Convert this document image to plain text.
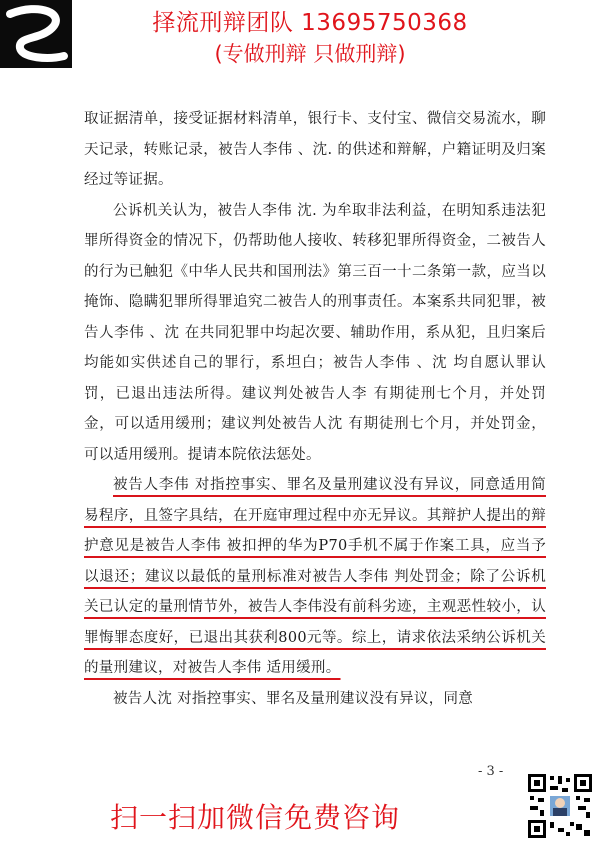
择流刑辩团队 13695750368
(专做刑辩 只做刑辩)

取证据清单，接受证据材料清单，银行卡、支付宝、微信交易流水，聊天记录，转账记录，被告人李伟 、沈. 的供述和辩解，户籍证明及归案经过等证据。

公诉机关认为，被告人李伟 沈. 为牟取非法利益，在明知系违法犯罪所得资金的情况下，仍帮助他人接收、转移犯罪所得资金，二被告人的行为已触犯《中华人民共和国刑法》第三百一十二条第一款，应当以掩饰、隐瞒犯罪所得罪追究二被告人的刑事责任。本案系共同犯罪，被告人李伟 、沈 在共同犯罪中均起次要、辅助作用，系从犯，且归案后均能如实供述自己的罪行，系坦白；被告人李伟 、沈 均自愿认罪认罚，已退出违法所得。建议判处被告人李 有期徒刑七个月，并处罚金，可以适用缓刑；建议判处被告人沈 有期徒刑七个月，并处罚金，可以适用缓刑。提请本院依法惩处。

被告人李伟 对指控事实、罪名及量刑建议没有异议，同意适用简易程序，且签字具结，在开庭审理过程中亦无异议。其辩护人提出的辩护意见是被告人李伟 被扣押的华为P70手机不属于作案工具，应当予以退还；建议以最低的量刑标准对被告人李伟 判处罚金；除了公诉机关已认定的量刑情节外，被告人李伟没有前科劣迹，主观恶性较小，认罪悔罪态度好，已退出其获利800元等。综上，请求依法采纳公诉机关的量刑建议，对被告人李伟 适用缓刑。

被告人沈 对指控事实、罪名及量刑建议没有异议，同意

- 3 -
扫一扫加微信免费咨询
